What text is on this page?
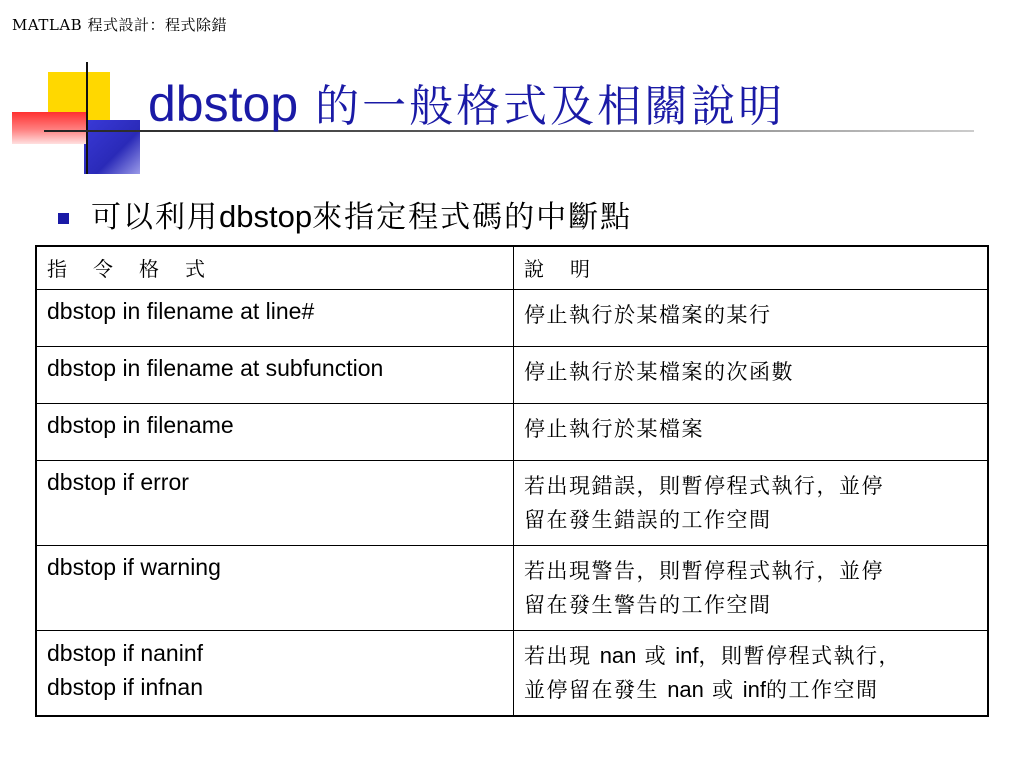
MATLAB 程式設計：程式除錯
dbstop 的一般格式及相關說明
可以利用dbstop來指定程式碼的中斷點
指令格式	說明
dbstop in filename at line#	停止執行於某檔案的某行
dbstop in filename at subfunction	停止執行於某檔案的次函數
dbstop in filename	停止執行於某檔案
dbstop if error	若出現錯誤，則暫停程式執行，並停
留在發生錯誤的工作空間
dbstop if warning	若出現警告，則暫停程式執行，並停
留在發生警告的工作空間

dbstop if naninf
dbstop if infnan	若出現 nan 或 inf，則暫停程式執行，
並停留在發生 nan 或 inf的工作空間
